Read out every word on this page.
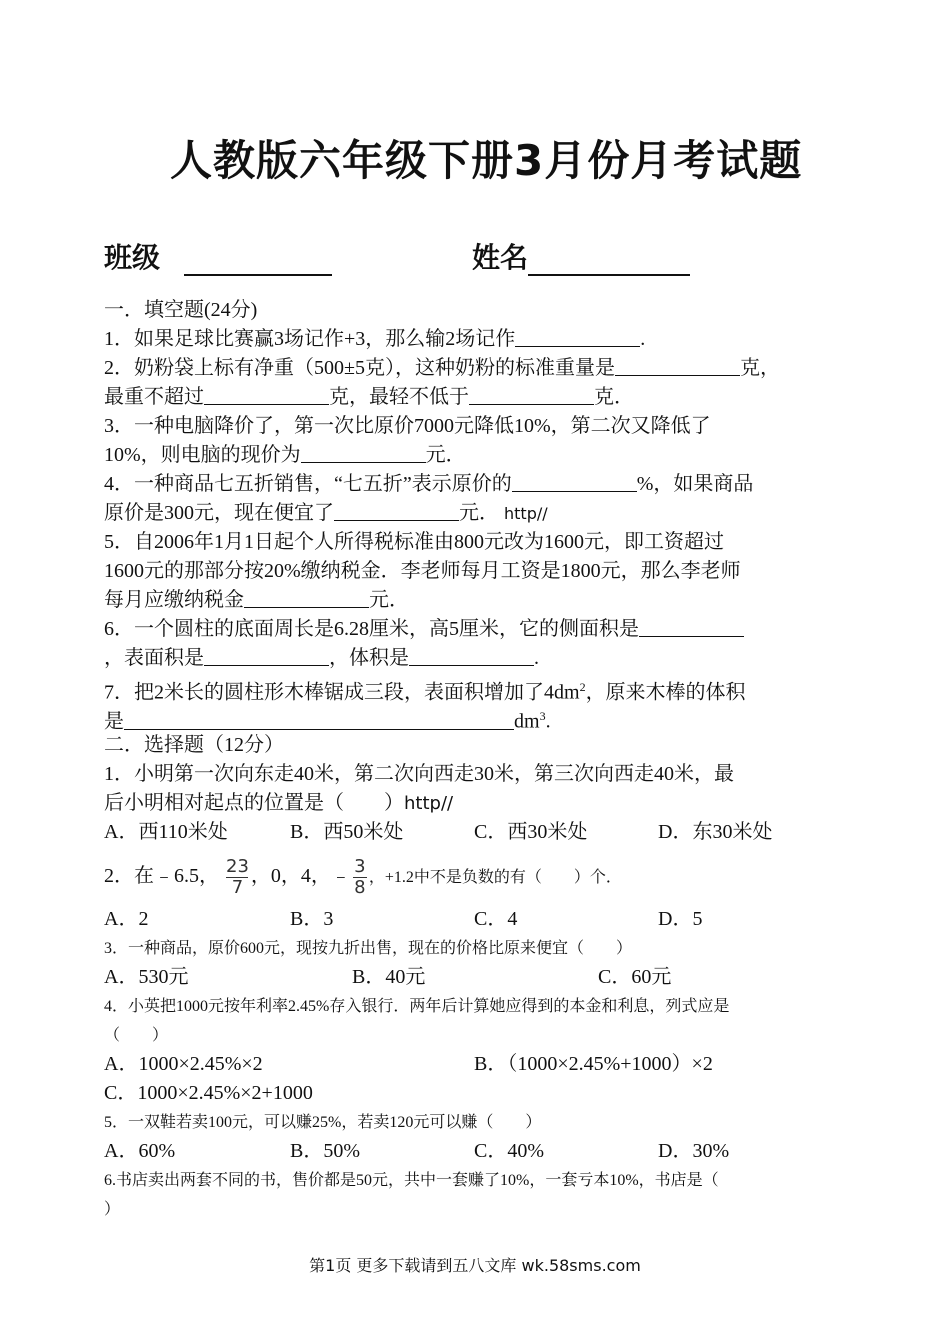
人教版六年级下册3月份月考试题
班级	姓名
一．填空题(24分)
1．如果足球比赛赢3场记作+3，那么输2场记作	.
2．奶粉袋上标有净重（500±5克），这种奶粉的标准重量是	克，
最重不超过	克，最轻不低于	克．
3．一种电脑降价了，第一次比原价7000元降低10%，第二次又降低了
10%，则电脑的现价为	元．
4．一种商品七五折销售，“七五折”表示原价的	%，如果商品
原价是300元，现在便宜了	元． http//
5．自2006年1月1日起个人所得税标准由800元改为1600元，即工资超过
1600元的那部分按20%缴纳税金．李老师每月工资是1800元，那么李老师
每月应缴纳税金	元．
6．一个圆柱的底面周长是6.28厘米，高5厘米，它的侧面积是
，表面积是	，体积是	.
7．把2米长的圆柱形木棒锯成三段，表面积增加了$4dm^2$，原来木棒的体积
是	$dm^3$.
二．选择题（12分）
1．小明第一次向东走40米，第二次向西走30米，第三次向西走40米，最
后小明相对起点的位置是（　　）http//
A．西110米处	B．西50米处	C．西30米处	D．东30米处
2．在﹣6.5， $\frac{23}{7}$ ，0，4，﹣ $\frac{3}{8}$ ，+1.2中不是负数的有（　　）个．
A．2	B．3	C．4	D．5
3．一种商品，原价600元，现按九折出售，现在的价格比原来便宜（　　）
A．530元	B．40元	C．60元
4．小英把1000元按年利率2.45%存入银行．两年后计算她应得到的本金和利息，列式应是
（　　）
A．1000×2.45%×2	B．（1000×2.45%+1000）×2
C．1000×2.45%×2+1000
5．一双鞋若卖100元，可以赚25%，若卖120元可以赚（　　）
A．60%	B．50%	C．40%	D．30%
6.书店卖出两套不同的书，售价都是50元，共中一套赚了10%，一套亏本10%，书店是（
）
第1页 更多下载请到五八文库 wk.58sms.com
